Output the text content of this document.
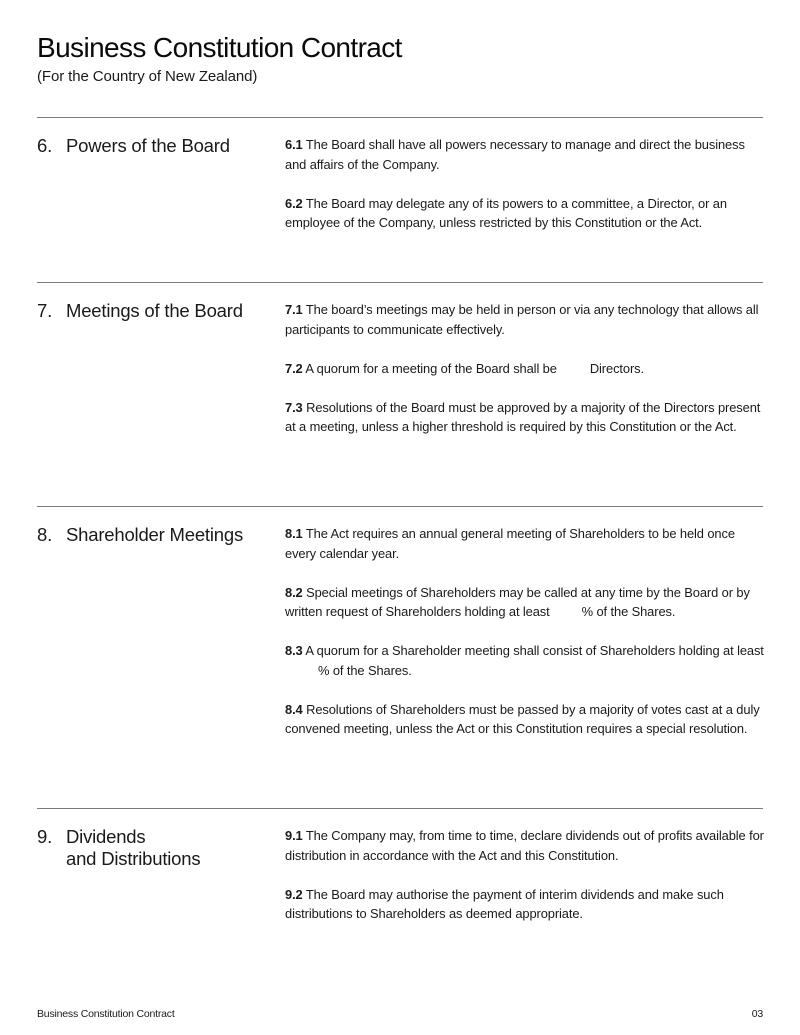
Business Constitution Contract
(For the Country of New Zealand)
6. Powers of the Board	6.1 The Board shall have all powers necessary to manage and direct the business and affairs of the Company.

6.2 The Board may delegate any of its powers to a committee, a Director, or an employee of the Company, unless restricted by this Constitution or the Act.

7. Meetings of the Board	7.1 The board’s meetings may be held in person or via any technology that allows all participants to communicate effectively.

7.2 A quorum for a meeting of the Board shall be	Directors.

7.3 Resolutions of the Board must be approved by a majority of the Directors present at a meeting, unless a higher threshold is required by this Constitution or the Act.

8. Shareholder Meetings	8.1 The Act requires an annual general meeting of Shareholders to be held once every calendar year.

8.2 Special meetings of Shareholders may be called at any time by the Board or by written request of Shareholders holding at least % of the Shares.

8.3 A quorum for a Shareholder meeting shall consist of Shareholders holding at least% of the Shares.

8.4 Resolutions of Shareholders must be passed by a majority of votes cast at a duly convened meeting, unless the Act or this Constitution requires a special resolution.

9. Dividends
and Distributions

9.1 The Company may, from time to time, declare dividends out of profits available for distribution in accordance with the Act and this Constitution.

9.2 The Board may authorise the payment of interim dividends and make such distributions to Shareholders as deemed appropriate.

Business Constitution Contract	03
